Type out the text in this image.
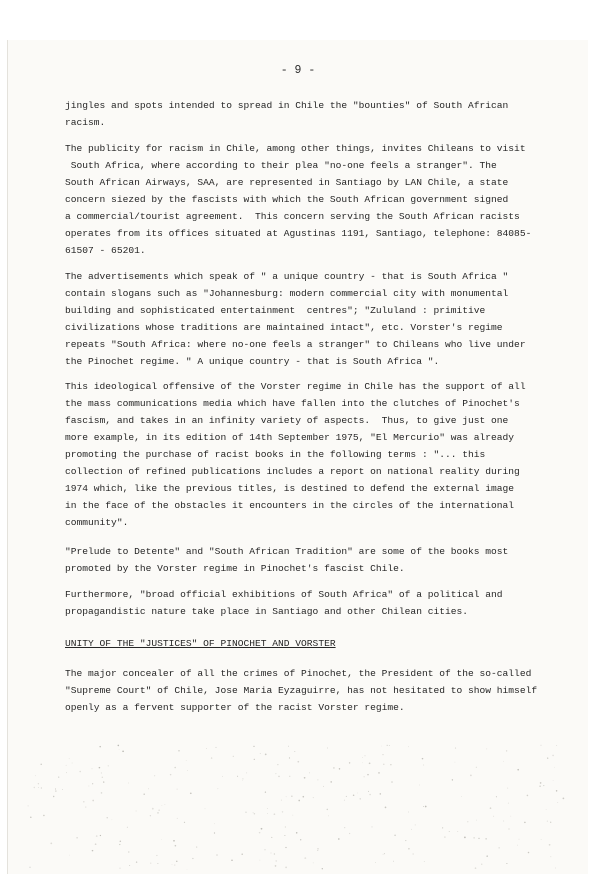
- 9 -

jingles and spots intended to spread in Chile the "bounties" of South African
racism.

The publicity for racism in Chile, among other things, invites Chileans to visit
South Africa, where according to their plea "no-one feels a stranger". The
South African Airways, SAA, are represented in Santiago by LAN Chile, a state
concern siezed by the fascists with which the South African government signed
a commercial/tourist agreement.  This concern serving the South African racists
operates from its offices situated at Agustinas 1191, Santiago, telephone: 84085-
61507 - 65201.

The advertisements which speak of " a unique country - that is South Africa "
contain slogans such as "Johannesburg: modern commercial city with monumental
building and sophisticated entertainment  centres"; "Zululand : primitive
civilizations whose traditions are maintained intact", etc. Vorster's regime
repeats "South Africa: where no-one feels a stranger" to Chileans who live under
the Pinochet regime. " A unique country - that is South Africa ".

This ideological offensive of the Vorster regime in Chile has the support of all
the mass communications media which have fallen into the clutches of Pinochet's
fascism, and takes in an infinity variety of aspects.  Thus, to give just one
more example, in its edition of 14th September 1975, "El Mercurio" was already
promoting the purchase of racist books in the following terms : "... this
collection of refined publications includes a report on national reality during
1974 which, like the previous titles, is destined to defend the external image
in the face of the obstacles it encounters in the circles of the international
community".

"Prelude to Detente" and "South African Tradition" are some of the books most
promoted by the Vorster regime in Pinochet's fascist Chile.

Furthermore, "broad official exhibitions of South Africa" of a political and
propagandistic nature take place in Santiago and other Chilean cities.

UNITY OF THE "JUSTICES" OF PINOCHET AND VORSTER

The major concealer of all the crimes of Pinochet, the President of the so-called
"Supreme Court" of Chile, Jose Maria Eyzaguirre, has not hesitated to show himself
openly as a fervent supporter of the racist Vorster regime.
